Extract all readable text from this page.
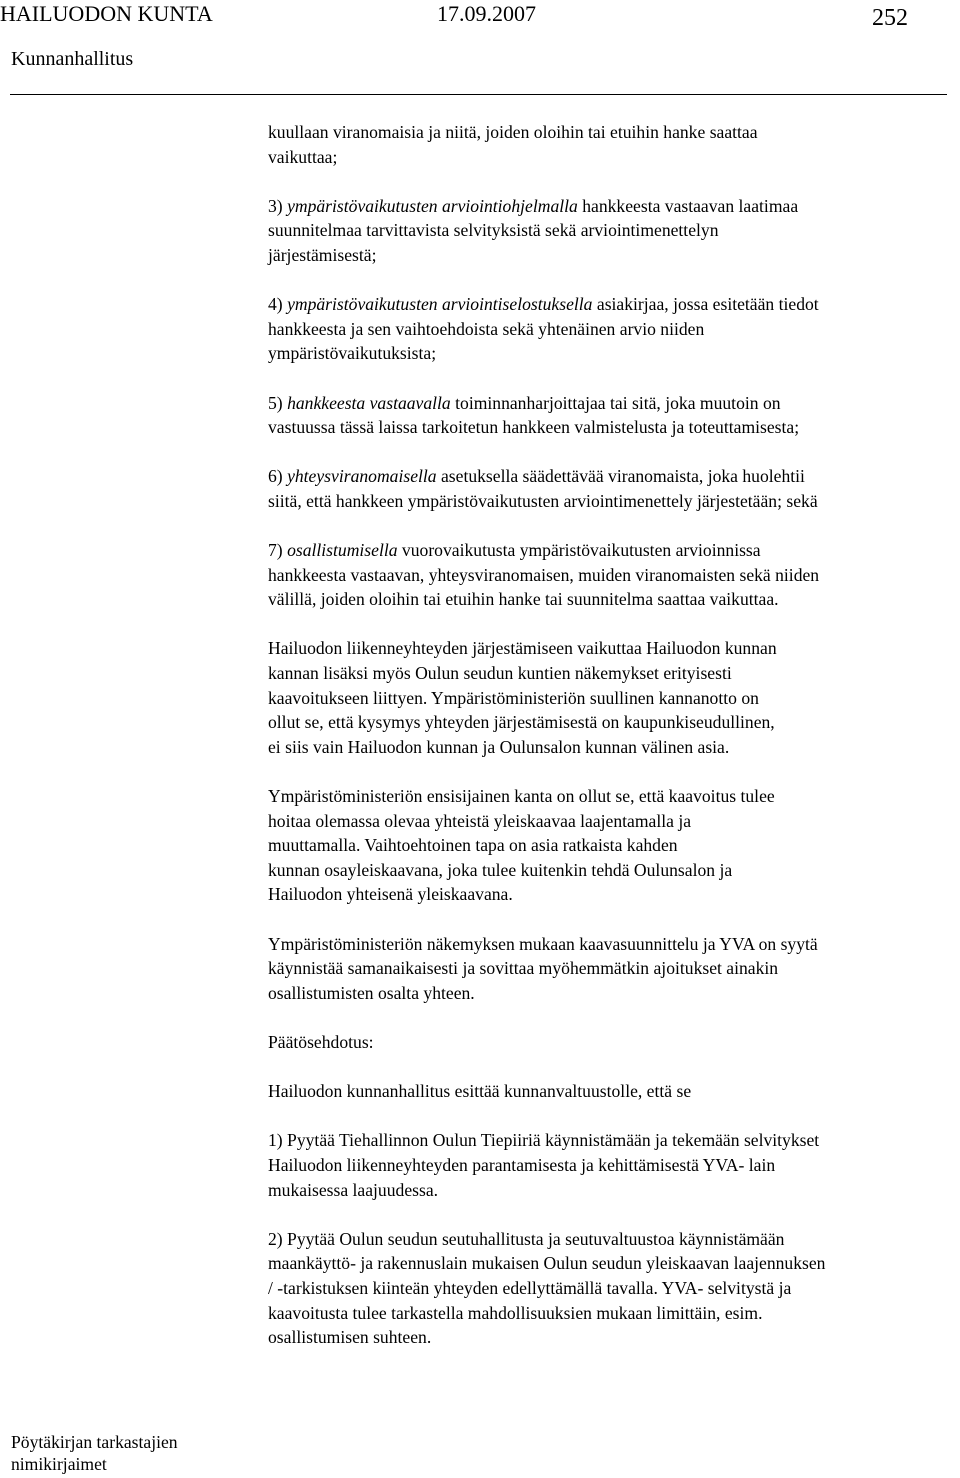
HAILUODON KUNTA	17.09.2007	252
Kunnanhallitus
kuullaan viranomaisia ja niitä, joiden oloihin tai etuihin hanke saattaa
vaikuttaa;
3) ympäristövaikutusten arviointiohjelmalla hankkeesta vastaavan laatimaa
suunnitelmaa tarvittavista selvityksistä sekä arviointimenettelyn
järjestämisestä;
4) ympäristövaikutusten arviointiselostuksella asiakirjaa, jossa esitetään tiedot
hankkeesta ja sen vaihtoehdoista sekä yhtenäinen arvio niiden
ympäristövaikutuksista;
5) hankkeesta vastaavalla toiminnanharjoittajaa tai sitä, joka muutoin on
vastuussa tässä laissa tarkoitetun hankkeen valmistelusta ja toteuttamisesta;
6) yhteysviranomaisella asetuksella säädettävää viranomaista, joka huolehtii
siitä, että hankkeen ympäristövaikutusten arviointimenettely järjestetään; sekä
7) osallistumisella vuorovaikutusta ympäristövaikutusten arvioinnissa
hankkeesta vastaavan, yhteysviranomaisen, muiden viranomaisten sekä niiden
välillä, joiden oloihin tai etuihin hanke tai suunnitelma saattaa vaikuttaa.
Hailuodon liikenneyhteyden järjestämiseen vaikuttaa Hailuodon kunnan
kannan lisäksi myös Oulun seudun kuntien näkemykset erityisesti
kaavoitukseen liittyen. Ympäristöministeriön suullinen kannanotto on
ollut se, että kysymys yhteyden järjestämisestä on kaupunkiseudullinen,
ei siis vain Hailuodon kunnan ja Oulunsalon kunnan välinen asia.
Ympäristöministeriön ensisijainen kanta on ollut se, että kaavoitus tulee
hoitaa olemassa olevaa yhteistä yleiskaavaa laajentamalla ja
muuttamalla. Vaihtoehtoinen tapa on asia ratkaista kahden
kunnan osayleiskaavana, joka tulee kuitenkin tehdä Oulunsalon ja
Hailuodon yhteisenä yleiskaavana.
Ympäristöministeriön näkemyksen mukaan kaavasuunnittelu ja YVA on syytä
käynnistää samanaikaisesti ja sovittaa myöhemmätkin ajoitukset ainakin
osallistumisten osalta yhteen.
Päätösehdotus:
Hailuodon kunnanhallitus esittää kunnanvaltuustolle, että se
1) Pyytää Tiehallinnon Oulun Tiepiiriä käynnistämään ja tekemään selvitykset
Hailuodon liikenneyhteyden parantamisesta ja kehittämisestä YVA- lain
mukaisessa laajuudessa.
2) Pyytää Oulun seudun seutuhallitusta ja seutuvaltuustoa käynnistämään
maankäyttö- ja rakennuslain mukaisen Oulun seudun yleiskaavan laajennuksen
/ -tarkistuksen kiinteän yhteyden edellyttämällä tavalla. YVA- selvitystä ja
kaavoitusta tulee tarkastella mahdollisuuksien mukaan limittäin, esim.
osallistumisen suhteen.
Pöytäkirjan tarkastajien
nimikirjaimet
